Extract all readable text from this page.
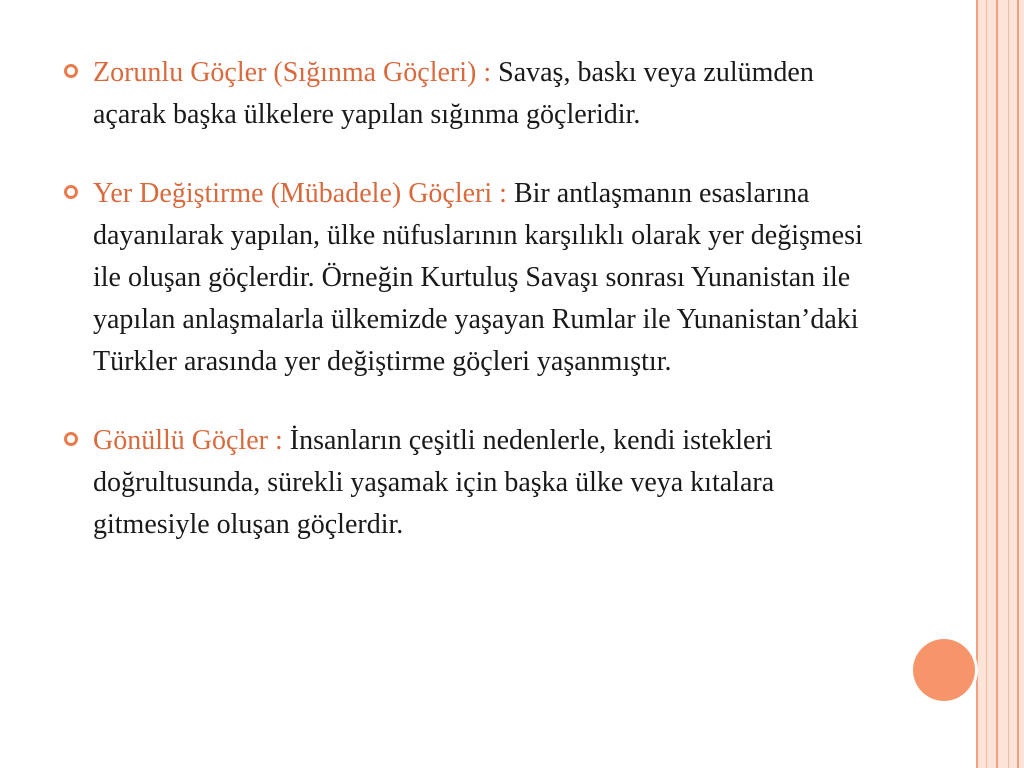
Zorunlu Göçler (Sığınma Göçleri) : Savaş, baskı veya zulümden açarak başka ülkelere yapılan sığınma göçleridir.

Yer Değiştirme (Mübadele) Göçleri : Bir antlaşmanın esaslarına dayanılarak yapılan, ülke nüfuslarının karşılıklı olarak yer değişmesi ile oluşan göçlerdir. Örneğin Kurtuluş Savaşı sonrası Yunanistan ile yapılan anlaşmalarla ülkemizde yaşayan Rumlar ile Yunanistan’daki Türkler arasında yer değiştirme göçleri yaşanmıştır.

Gönüllü Göçler : İnsanların çeşitli nedenlerle, kendi istekleri doğrultusunda, sürekli yaşamak için başka ülke veya kıtalara gitmesiyle oluşan göçlerdir.
